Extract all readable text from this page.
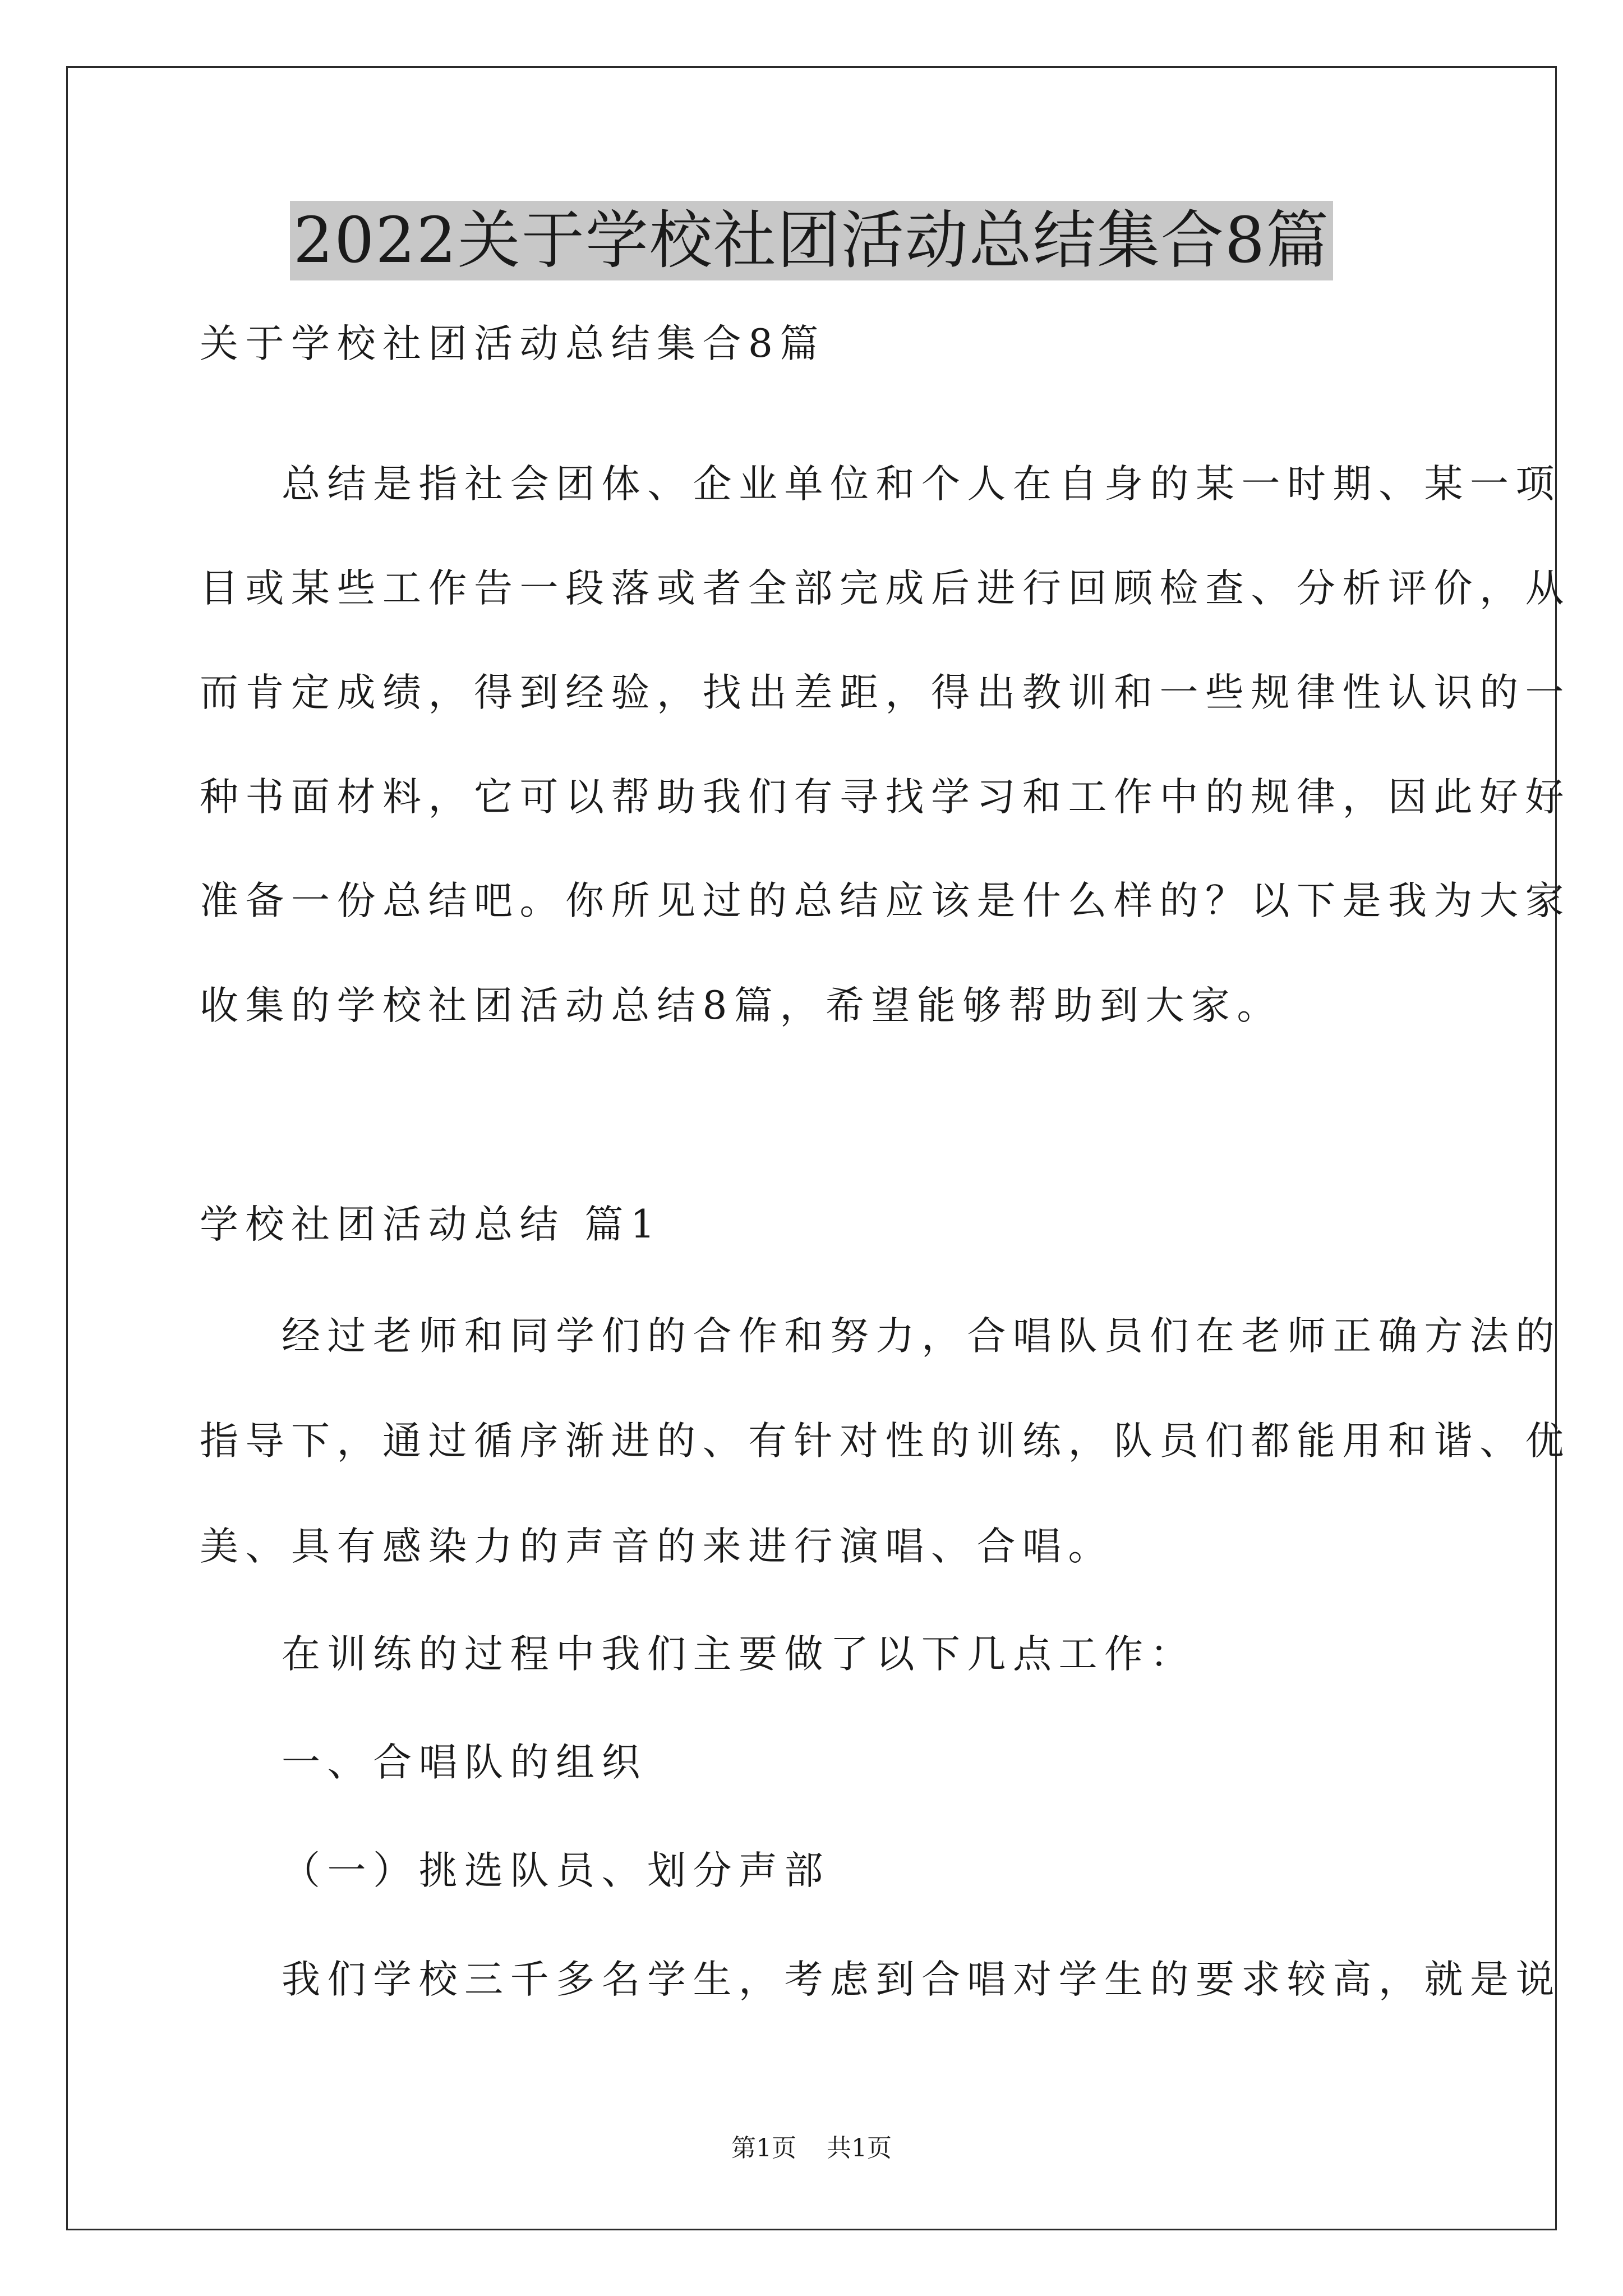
2022关于学校社团活动总结集合8篇
关于学校社团活动总结集合8篇
总结是指社会团体、企业单位和个人在自身的某一时期、某一项
目或某些工作告一段落或者全部完成后进行回顾检查、分析评价，从
而肯定成绩，得到经验，找出差距，得出教训和一些规律性认识的一
种书面材料，它可以帮助我们有寻找学习和工作中的规律，因此好好
准备一份总结吧。你所见过的总结应该是什么样的？以下是我为大家
收集的学校社团活动总结8篇，希望能够帮助到大家。
学校社团活动总结 篇1
经过老师和同学们的合作和努力，合唱队员们在老师正确方法的
指导下，通过循序渐进的、有针对性的训练，队员们都能用和谐、优
美、具有感染力的声音的来进行演唱、合唱。
在训练的过程中我们主要做了以下几点工作：
一、合唱队的组织
（一）挑选队员、划分声部
我们学校三千多名学生，考虑到合唱对学生的要求较高，就是说
第1页 共1页
